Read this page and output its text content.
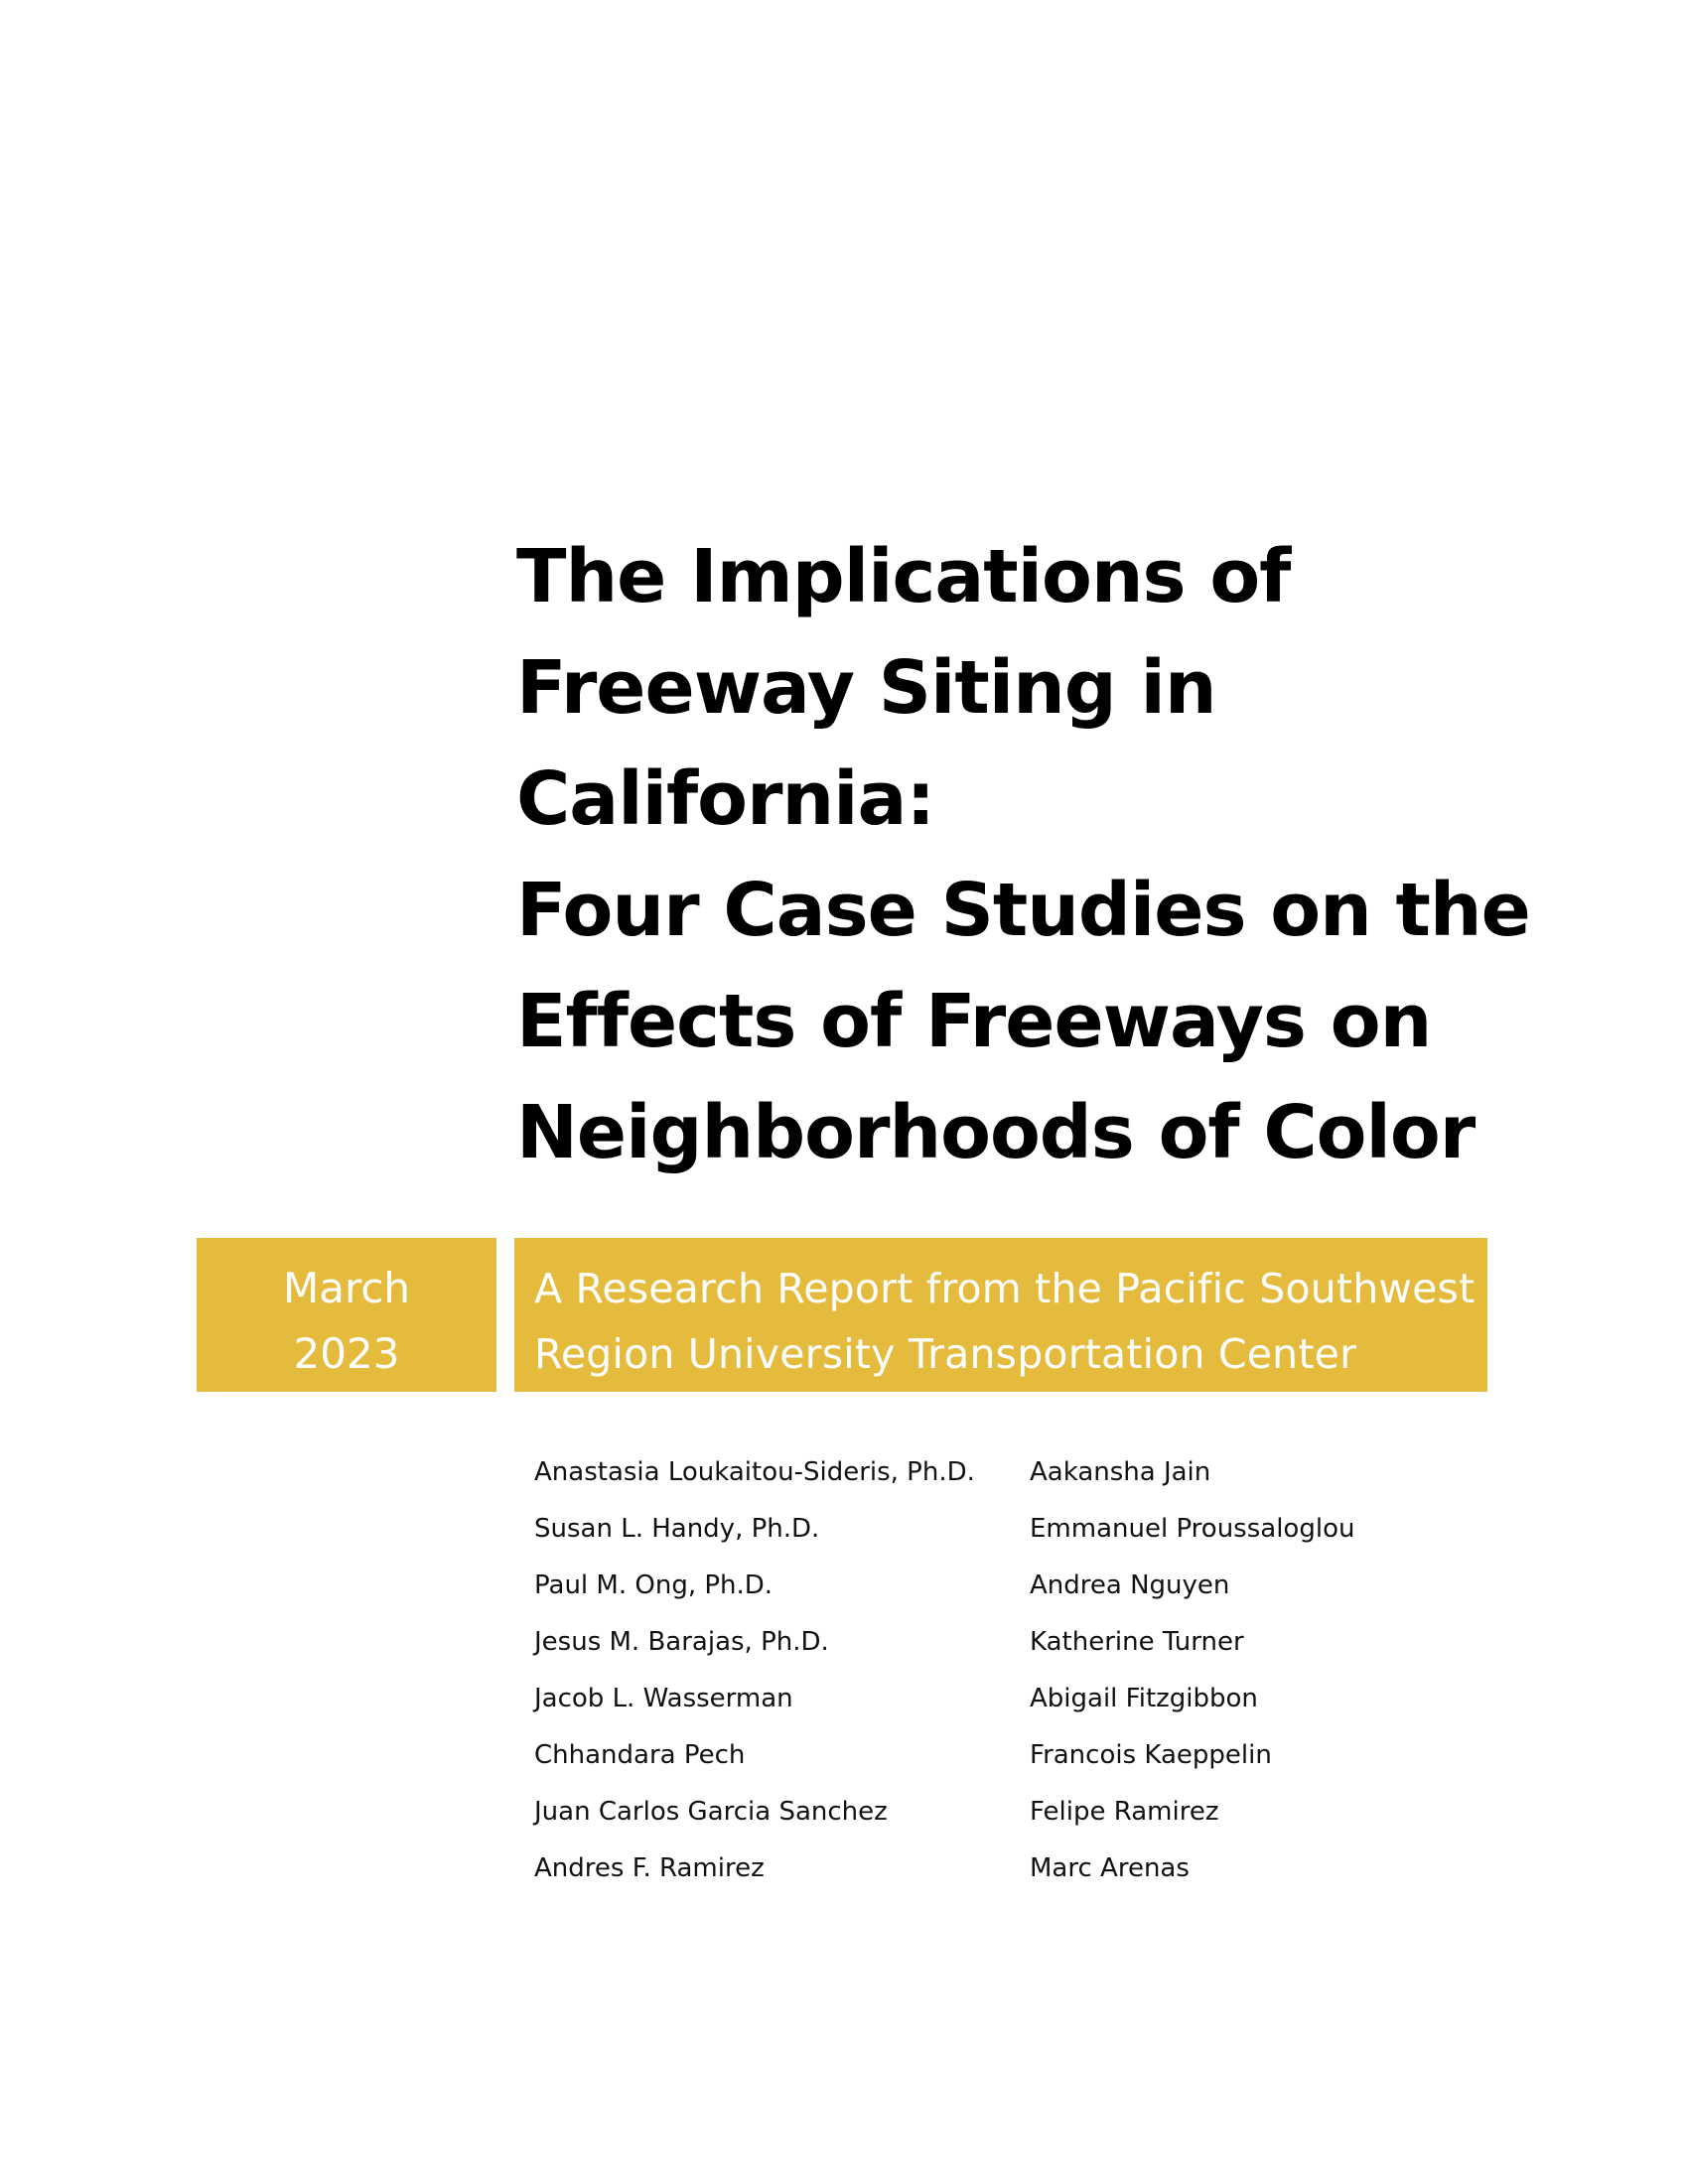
The Implications of
Freeway Siting in
California:
Four Case Studies on the
Effects of Freeways on
Neighborhoods of Color
March
2023
A Research Report from the Pacific Southwest
Region University Transportation Center
Anastasia Loukaitou-Sideris, Ph.D.
Susan L. Handy, Ph.D.
Paul M. Ong, Ph.D.
Jesus M. Barajas, Ph.D.
Jacob L. Wasserman
Chhandara Pech
Juan Carlos Garcia Sanchez
Andres F. Ramirez
Aakansha Jain
Emmanuel Proussaloglou
Andrea Nguyen
Katherine Turner
Abigail Fitzgibbon
Francois Kaeppelin
Felipe Ramirez
Marc Arenas
